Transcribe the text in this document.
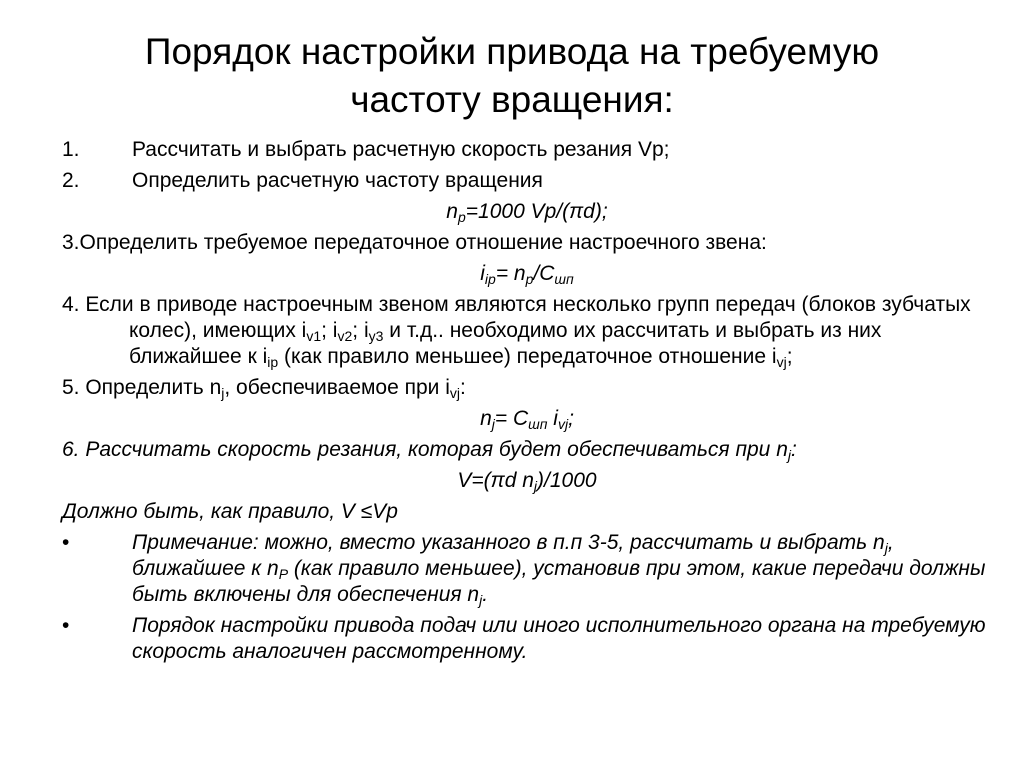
Порядок настройки привода на требуемую
частоту вращения:
1. Рассчитать и выбрать расчетную скорость резания Vp;
2. Определить расчетную частоту вращения
$n_p=1000$ Vp/(πd);
3.Определить требуемое передаточное отношение настроечного звена:
$i_{ip}= n_p/C_{шп}$
4. Если в приводе настроечным звеном являются несколько групп передач (блоков зубчатых колес), имеющих $i_{v1}$; $i_{v2}$; $i_{у3}$ и т.д.. необходимо их рассчитать и выбрать из них ближайшее к $i_{ip}$ (как правило меньшее) передаточное отношение $i_{vj}$;
5. Определить $n_j$, обеспечиваемое при $i_{vj}$:
$n_j= C_{шп}$ $i_{vj}$;
6. Рассчитать скорость резания, которая будет обеспечиваться при $n_j$:
V=(πd $n_j)/1000$
Должно быть, как правило, V ≤Vp
•	Примечание: можно, вместо указанного в п.п 3-5, рассчитать и выбрать $n_j$, ближайшее к $n_P$ (как правило меньшее), установив при этом, какие передачи должны быть включены для обеспечения $n_j$.
•	Порядок настройки привода подач или иного исполнительного органа на требуемую скорость аналогичен рассмотренному.
